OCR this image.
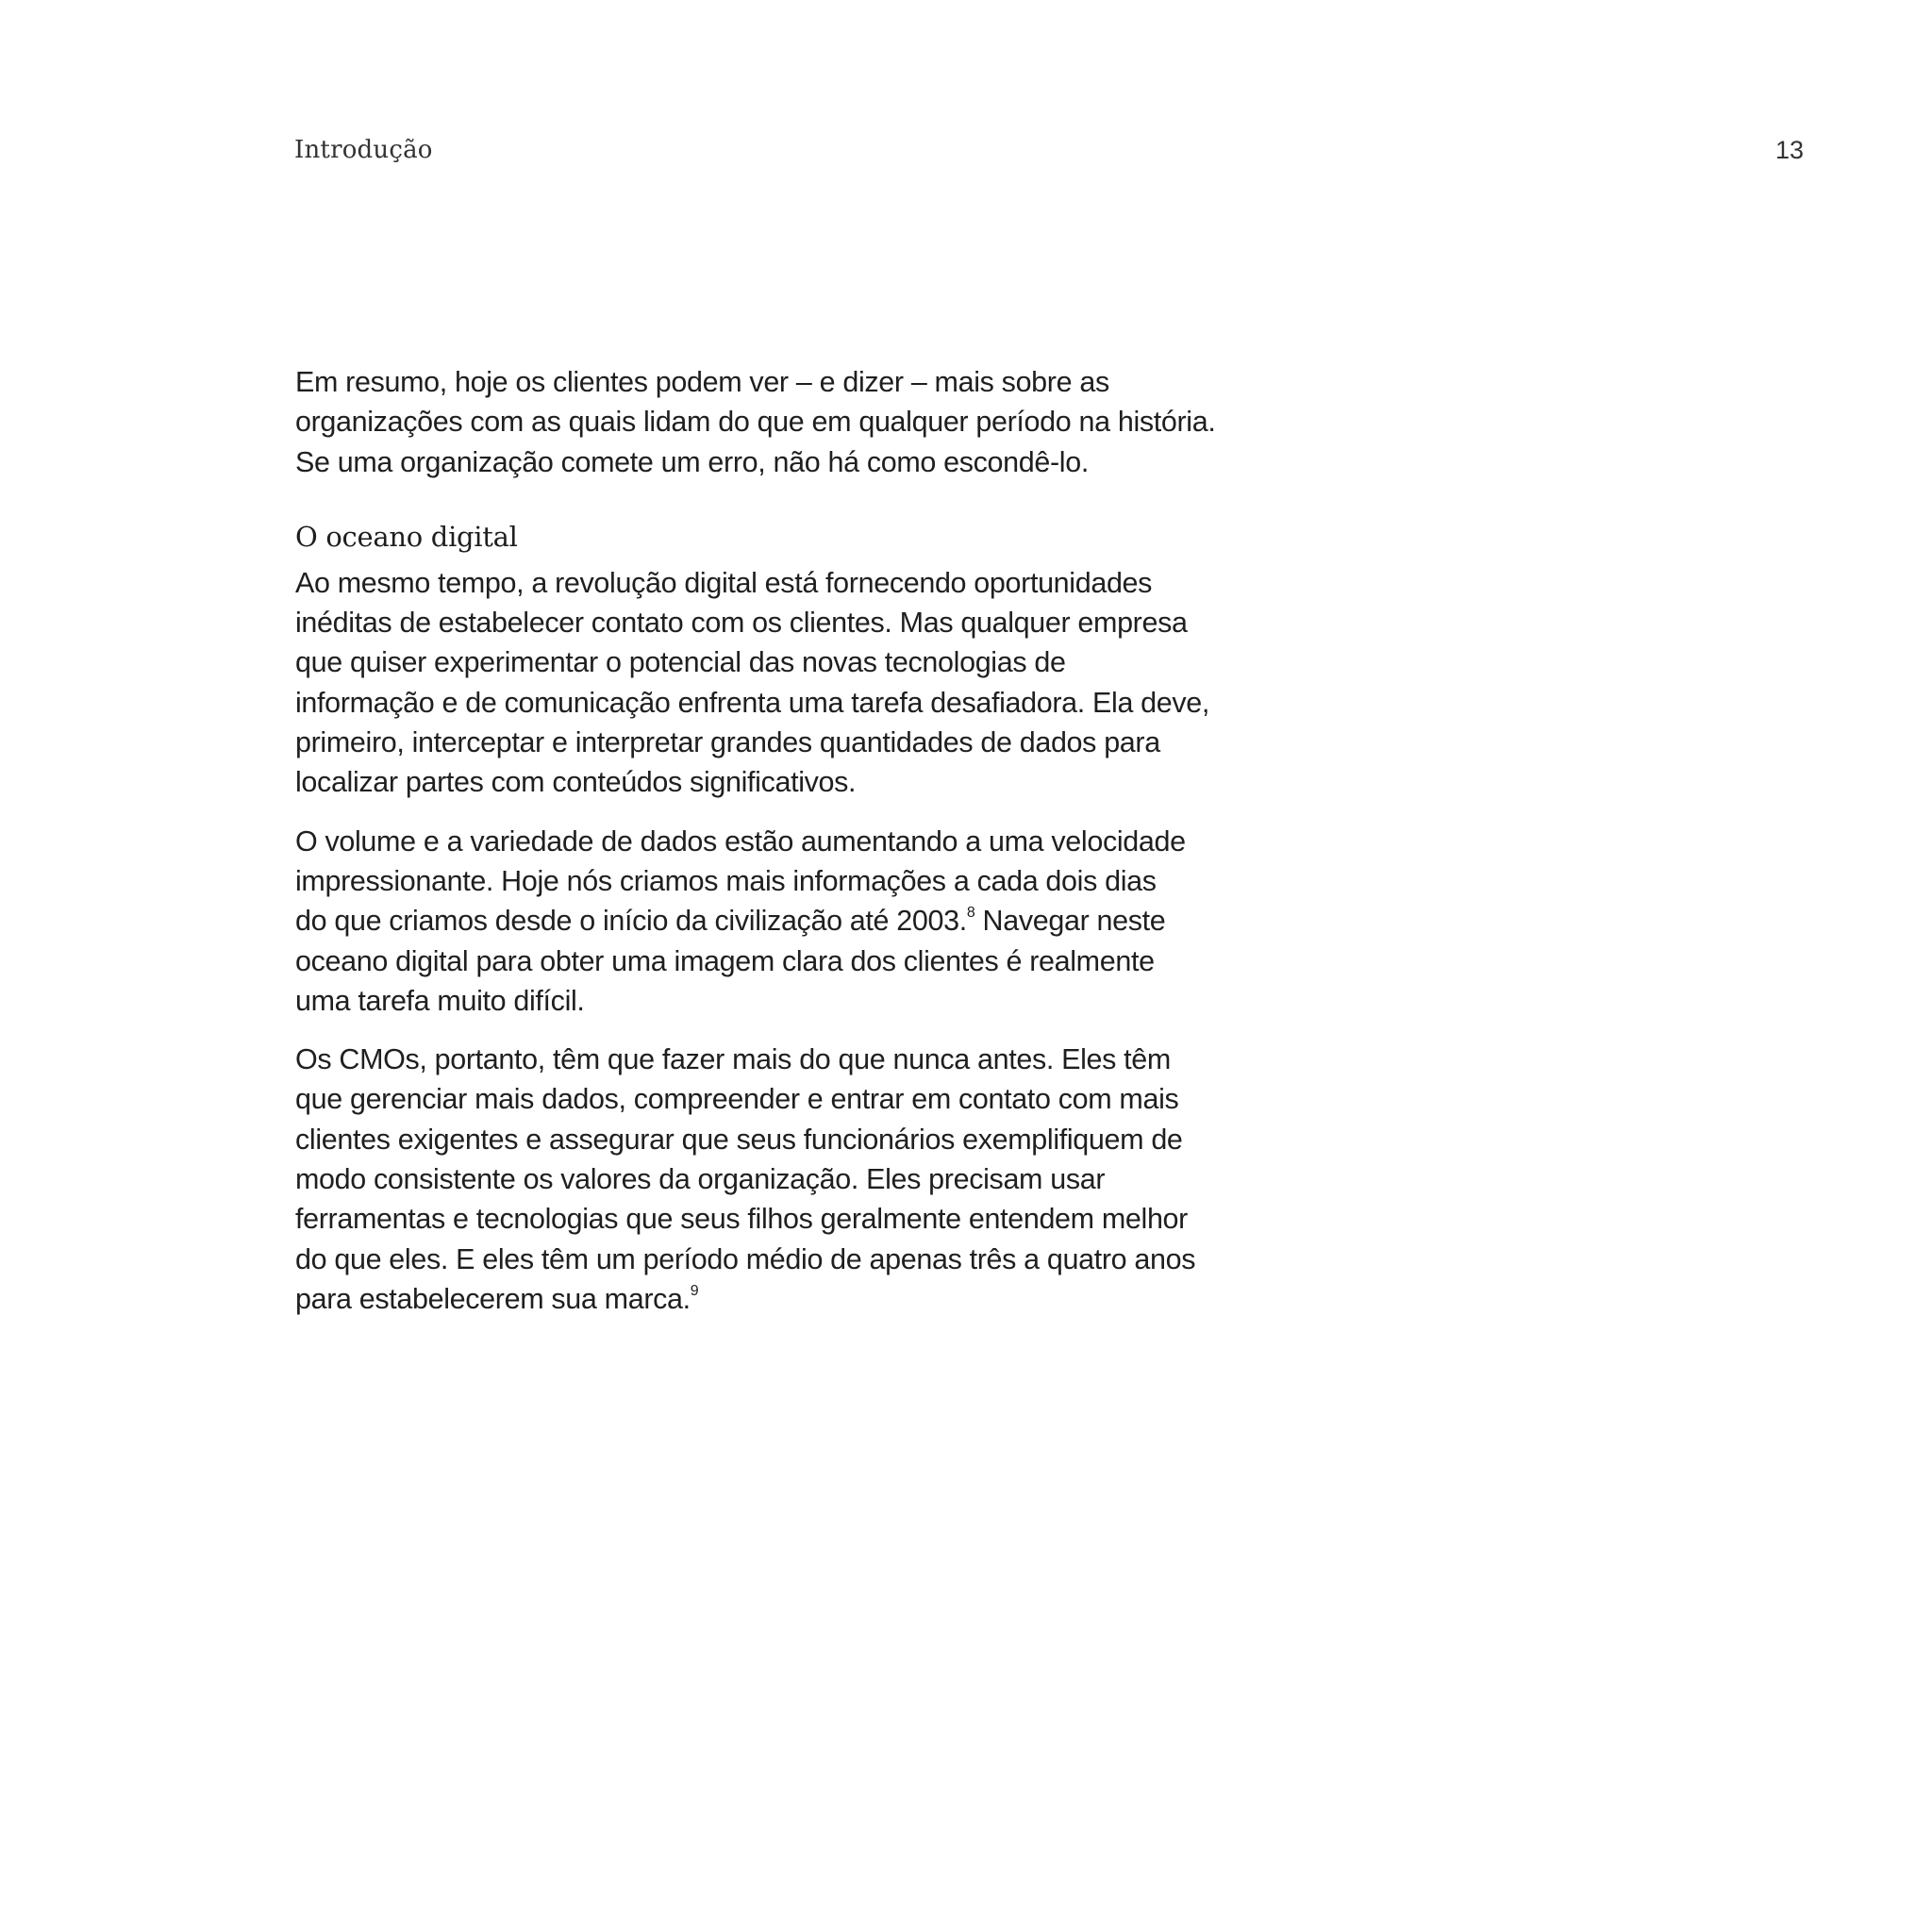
Introdução	13

Em resumo, hoje os clientes podem ver – e dizer – mais sobre as
organizações com as quais lidam do que em qualquer período na história.
Se uma organização comete um erro, não há como escondê-lo.

O oceano digital

Ao mesmo tempo, a revolução digital está fornecendo oportunidades
inéditas de estabelecer contato com os clientes. Mas qualquer empresa
que quiser experimentar o potencial das novas tecnologias de
informação e de comunicação enfrenta uma tarefa desafiadora. Ela deve,
primeiro, interceptar e interpretar grandes quantidades de dados para
localizar partes com conteúdos significativos.

O volume e a variedade de dados estão aumentando a uma velocidade
impressionante. Hoje nós criamos mais informações a cada dois dias
do que criamos desde o início da civilização até 2003.$^8$ Navegar neste
oceano digital para obter uma imagem clara dos clientes é realmente
uma tarefa muito difícil.

Os CMOs, portanto, têm que fazer mais do que nunca antes. Eles têm
que gerenciar mais dados, compreender e entrar em contato com mais
clientes exigentes e assegurar que seus funcionários exemplifiquem de
modo consistente os valores da organização. Eles precisam usar
ferramentas e tecnologias que seus filhos geralmente entendem melhor
do que eles. E eles têm um período médio de apenas três a quatro anos
para estabelecerem sua marca.$^9$
